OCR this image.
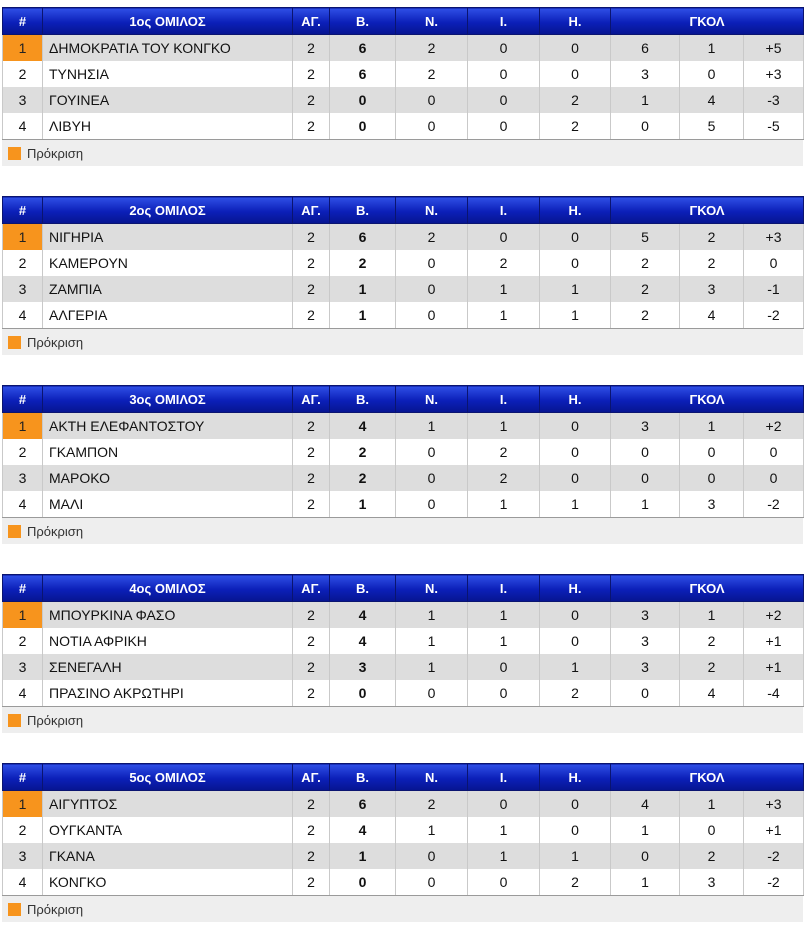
#	1ος ΟΜΙΛΟΣ	ΑΓ.	Β.	Ν.	Ι.	Η.	ΓΚΟΛ		
1	ΔΗΜΟΚΡΑΤΙΑ ΤΟΥ ΚΟΝΓΚΟ	2	6	2	0	0	6	1	+5
2	ΤΥΝΗΣΙΑ	2	6	2	0	0	3	0	+3
3	ΓΟΥΙΝΕΑ	2	0	0	0	2	1	4	-3
4	ΛΙΒΥΗ	2	0	0	0	2	0	5	-5
Πρόκριση
#	2ος ΟΜΙΛΟΣ	ΑΓ.	Β.	Ν.	Ι.	Η.	ΓΚΟΛ		
1	ΝΙΓΗΡΙΑ	2	6	2	0	0	5	2	+3
2	ΚΑΜΕΡΟΥΝ	2	2	0	2	0	2	2	0
3	ΖΑΜΠΙΑ	2	1	0	1	1	2	3	-1
4	ΑΛΓΕΡΙΑ	2	1	0	1	1	2	4	-2
Πρόκριση
#	3ος ΟΜΙΛΟΣ	ΑΓ.	Β.	Ν.	Ι.	Η.	ΓΚΟΛ		
1	ΑΚΤΗ ΕΛΕΦΑΝΤΟΣΤΟΥ	2	4	1	1	0	3	1	+2
2	ΓΚΑΜΠΟΝ	2	2	0	2	0	0	0	0
3	ΜΑΡΟΚΟ	2	2	0	2	0	0	0	0
4	ΜΑΛΙ	2	1	0	1	1	1	3	-2
Πρόκριση
#	4ος ΟΜΙΛΟΣ	ΑΓ.	Β.	Ν.	Ι.	Η.	ΓΚΟΛ		
1	ΜΠΟΥΡΚΙΝΑ ΦΑΣΟ	2	4	1	1	0	3	1	+2
2	ΝΟΤΙΑ ΑΦΡΙΚΗ	2	4	1	1	0	3	2	+1
3	ΣΕΝΕΓΑΛΗ	2	3	1	0	1	3	2	+1
4	ΠΡΑΣΙΝΟ ΑΚΡΩΤΗΡΙ	2	0	0	0	2	0	4	-4
Πρόκριση
#	5ος ΟΜΙΛΟΣ	ΑΓ.	Β.	Ν.	Ι.	Η.	ΓΚΟΛ		
1	ΑΙΓΥΠΤΟΣ	2	6	2	0	0	4	1	+3
2	ΟΥΓΚΑΝΤΑ	2	4	1	1	0	1	0	+1
3	ΓΚΑΝΑ	2	1	0	1	1	0	2	-2
4	ΚΟΝΓΚΟ	2	0	0	0	2	1	3	-2
Πρόκριση
